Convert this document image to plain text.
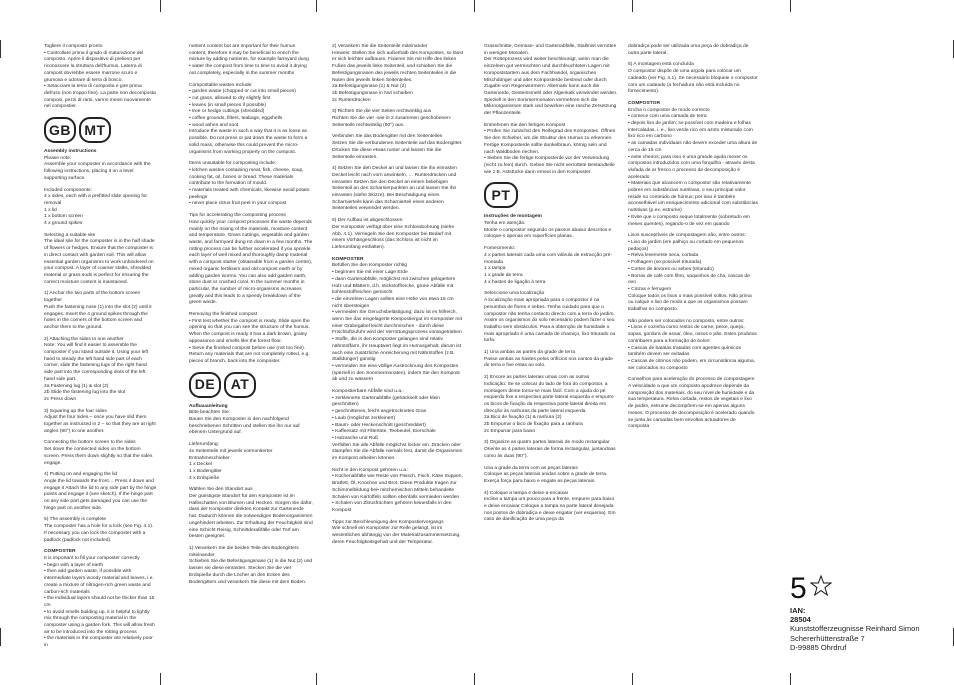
Togliere il composto pronto
• Controllare prima il grado di maturazione del composto. Aprire il dispositivo di prelievo per riconoscere la struttura dell'humus. Laterra di compost dovrebbe essere marrone scuro e grumosa e odorare di terra di bosco.
• Setacciare la terra di composta e gire prima dell'uso (non troppo fine). La parte non decomposta composi, pezzi di rami, vanno messi nuovamente nel compostier.

GB MT

Assembly instructions

Please note:
Assemble your composter in accordance with the following instructions, placing it on a level supporting surface.

Included components:
4 x sides, each with a prefitted slide opening for removal
1 x lid
1 x bottom screen
4 x ground spikes

Selecting a suitable site
The ideal site for the composter is in the half shade of flowers or hedges. Ensure that the composter is in direct contact with garden soil. This will allow essential garden organisms to work unhindered on your compost. A layer of coarser stalks, shredded material or grass sods is perfect for ensuring the correct moisture content is maintained.

1) Anchor the two parts of the bottom screen together
Push the fastening nose (1) into the slot (2) until it engages. Insert the 4 ground spikes through the holes in the corners of the bottom screen and anchor them to the ground.

2) Attaching the sides to one another
Note: You will find it easier to assemble the composter if you stand outside it. Using your left hand to steady the left hand side part of each corner, slide the fastening lugs of the right hand side part into the corresponding slots of the left hand side part.
2a Fastening lug (1) & slot (2)
2b Slide the fastening lug into the slot
2c Press down

3) Squaring up the four sides
Adjust the four sides – once you have slid them together as instructed in 2 – so that they are at right angles (90°) to one another.

Connecting the bottom screen to the sides
Set down the connected sides on the bottom screen. Press them down slightly so that the sides engage.

4) Putting on and engaging the lid
Angle the lid towards the front… Press it down and engage it Attach the lid to any side part by the hinge points and engage it (see sketch). If the hinge part on any side part gets damaged you can use the hinge part on another side.

5) The assembly is complete
The composter has a hole for a lock (see Fig. 4.1).
If necessary you can lock the composter with a padlock (padlock not included).

COMPOSTER

It is important to fill your composter correctly
• begin with a layer of earth
• then add garden waste, if possible with intermediate layers woody material and leaves, i.e. create a mixture of nitrogen-rich green waste and carbon-rich materials
• the individual layers should not be thicker than 15 cm
• to avoid smells building up, it is helpful to lightly mix through the composting material in the composter using a garden fork. This will allow fresh air to be introduced into the rotting process
• the materials in the composter are relatively poor in

nutrient content but are important for their humus content, therefore it may be beneficial to enrich the mixture by adding nutrients, for example farmyard dung
• water the compost from time to time to avoid it drying out completely, especially in the summer months

Compostable wastes include:
• garden waste (chopped or cut into small pieces)
• cut grass, allowed to dry slightly first
• leaves (in small pieces if possible)
• tree or hedge cuttings (shredded)
• coffee grounds, filters, teabags, eggshells
• wood ashes and soot
Introduce the waste in such a way that it is as loose as possible. Do not press or pat down the waste to form a solid mass, otherwise this could prevent the micro-organisms from working properly on the compost.

Items unsuitable for composting include:
• kitchen wastes containing meat, fish, cheese, soup, cooking fat, oil, bones or bread. These materials contribute to the formation of mould.
• materials treated with chemicals, likewise avoid potato peelings
• never place citrus fruit peel in your compost

Tips for accelerating the composting process
How quickly your compost processes the waste depends mainly on the mixing of the materials, moisture content and temperature. Grass cuttings, vegetable and garden waste, and farmyard dung rot down in a few months. The rotting process can be further accelerated if you sprinkle each layer of well mixed and thoroughly damp material with a compost starter (obtainable from a garden centre), mixed organic fertilisers and old compost earth or by adding garden worms. You can also add garden earth, stone dust or crushed coral. In the summer months in particular, the number of micro-organisms increases greatly and this leads to a speedy breakdown of the green waste.

Removing the finished compost
• First test whether the compost is ready. Slide open the opening so that you can see the structure of the humus. When the compost is ready it has a dark brown, grainy appearance and smells like the forest floor.
• Sieve the finished compost before use (not too fine). Return any materials that are not completely rotted, e.g. pieces of branch, back into the composter.

DE	AT

Aufbauanleitung

Bitte beachten Sie:
Bauen Sie den Komposter in den nachfolgend beschriebenen Schritten und stellen Sie ihn nur auf ebenem Untergrund auf.

Lieferumfang:
4x Seitenteile mit jeweils vormontierter Entnahmeschieber
1 x Deckel
1 x Bodengitter
4 x Erdspieße

Wählen Sie den Standort aus
Der günstigste Standort für den Komposter ist im Halbschatten von Blumen und Hecken. Sorgen Sie dafür, dass der Komposter direkten Kontakt zur Gartenerde hat. Dadurch können die notwendigen Bodenorganismen ungehindert arbeiten. Zur Erhaltung der Feuchtigkeit sind eine Schicht Reisig, Schnittderaßfälle oder Torf am besten geeignet.

1) Verankern Sie die beiden Teile des Bodengitters miteinander
Schieben Sie die Befestigungsnase (1) in die Nut (2) und lassen sie diese einrasten. Stecken Sie die vier Erdspieße durch die Löcher an den Ecken des Bodengitters und verankern Sie diese mit dem Boden.

2) Verankern Sie die Seitenteile miteinander
Hinweis: Stellen Sie sich außerhalb des Kompostes, so lässt er sich leichter aufbauen. Fixieren Sie mit Hilfe des linken Fußes das jeweils linke Seitenteil, und schieben Sie die Befestigungsnasen des jeweils rechten Seitenteiles in die Nuten des jeweils linken Seitenteiles.
2a Befestigungsnase (1) & Nut (2)
2b Befestigungsnase in Nut schieben
2c Runterdrücken

3) Richten Sie die vier Seiten rechtwinklig aus
Richten Sie die vier -wie in 2 zusammen geschobenen- Seitenteile rechtwinklig (90°) aus.

Verbinden Sie das Bodengitter mit den Seitenteilen
Setzen Sie die verbundenen Seitenteile auf das Bodengitter. Drücken Sie diese etwas runter und lassen Sie die Seitenteile einrasten.

4) Setzen Sie den Deckel an und lassen Sie ihn einrasten
Deckel leicht nach vorn anwinkeln, … Runterdrücken und einrasten Setzen Sie den Deckel an einem beliebigen Seitenteil an den Scharnierpunkten an und lassen Sie ihn einrasten (siehe Skizze). Bei Beschädigung eines Scharnierteils kann das Scharnierteil eines anderen Seitenteiles verwendet werden.

5) Der Aufbau ist abgeschlossen
Der Komposter verfügt über eine Schlossbohrung (siehe Abb. 4.1). Verriegeln Sie den Komposter bei Bedarf mit einem Vorhängeschloss (das Schloss ist nicht im Lieferumfang enthalten).

KOMPOSTER

Befüllen Sie den Komposter richtig
• beginnen Sie mit einer Lage Erde
• dann Gartenabfälle, möglichst mit zwischen gelagertem Holz und Blättern, d.h. stickstoffreiche, grüne Abfälle mit kohlenstoffreichen gemischt
• die einzelnen Lagen sollten eine Höhe von etwa 15 cm nicht übersteigen
• vermeiden Sie Geruchsbelästigung; dazu ist es hilfreich, wenn Sie das eingelagerte Kompostiergut im Komposter mit einer Grabegabel leicht durchmischen - durch diese Frischluftzufuhr wird der Verrottungsprozess vorangetrieben
• Stoffe, die in den Komposter gelangen sind relativ nährstoffarm, ihr Hauptwert liegt im Humusgehalt, darum ist auch eine zusätzliche Anreicherung mit Nährstoffen (z.B. Stalldünger) günstig
• vermeiden Sie eine völlige Austrocknung des Kompostes (speziell in den Sommermonaten), indem Sie den Kompost ab und zu wässern

Kompostierbare Abfälle sind u.a.:
• zerkleinerte Gartenabfälle (gehäckselt oder klein geschnitten)
• geschnittenes, leicht angetrocknetes Gras
• Laub (möglichst zerkleinert)
• Baum- oder Heckenschnitt (geschreddert)
• Kaffeesatz mit Filtertüte, Teebeutel, Eierschale
• Holzasche und Ruß
Verfüllen Sie alle Abfälle möglichst locker ein. Drücken oder stampfen Sie die Abfälle niemals fest, damit die Organismen im Kompost arbeiten können.

Nicht in den Kompost gehören u.a.:
• Küchenabfälle wie Reste von Fleisch, Fisch, Käse Suppen, Bratfett, Öl, Knochen und Brot. Diese Produkte tragen zur Schimmelbildung bei• mitchemischen Mitteln behandelte Schalen von Kartoffeln sollten ebenfalls vermieden werden
• Schalen von Zitrusfrüchten gehören keinesfalls in den Kompost

Tipps zur Beschleunigung des Kompostiervorgangs
Wie schnell ein Komposter zur Reife gelangt, ist im wesentlichen abhängig von der Materialzusammensetzung, deren Feuchtigkeitsgehalt und der Temperatur.

Grasschnitte, Gemüse- und Gartenabfälle, Stallmist verrotten in wenigen Monaten.
Der Rotteprozess wird weiter beschleunigt, wenn man die einzelnen gut vermischten und durchfeuchteten Lagen mit Kompoststartern aus dem Fachhandel, organischen Mischdünger und alter Komposterde bestreut oder durch Zugabe von Regenwürmern. Alternativ kann auch die Gartenerde, Gesteinsmehl oder Algenkalk verwendet werden. Speziell in den Sommermonaten vermehren sich die Mikroorganismen stark und bewirken eine rasche Zersetzung der Pflanzenteile.

Entnehmen Sie den fertigen Kompost
• Prüfen Sie zunächst den Reifegrad des Kompostes. Öffnen Sie den Schieber, um die Struktur des Humus zu erkennen. Fertige Komposterde sollte dunkelbraun, körnig sein und nach Waldboden riechen.
• Sieben Sie die fertige Komposterde vor der Verwendung (nicht zu fein) durch. Geben Sie nicht verrottete Bestandteile wie z.B. Aststücke dann erneut in den Komposter.

PT

Instruções de montagem

Tenha em atenção:
Monte o compostor seguindo os passos abaixo descritos e coloque-o apenas em superfícies planas.

Fornecimento:
4 x partes laterais cada uma com válvula de extracção pré-montada
1 x tampa
1 x grade de terra
4 x hastes de ligação à terra

Seleccione uma localização
A localização mais apropriada para o compostor é na penumbra de flores e sebes. Tenha cuidado para que o compostor não tenha contacto directo com a terra do jardim. Assim os organismos do solo necessário podem fazer o seu trabalho sem obstáculos. Para a obtenção de humidade o mais apropriado é uma camada de chamiço, lixo triturado ou turfa.

1) Una ambas as partes da grade de terra
Passe ambas as hastes pelos orifícios nos cantos da grade de terra e fixe estas ao solo.

2) Encore as partes laterais umas com as outras
Indicação: Se se colocar do lado de fora do compostor, a montagem deste torna-se mais fácil. Com a ajuda do pé esquerdo fixe a respectiva parte lateral esquerda e empurre os bicos de fixação da respectiva parte lateral direita em direcção às ranhuras da parte lateral esquerda.
2a Bico de fixação (1) & ranhura (2)
2b Empurrar o bico de fixação para a ranhura
2c Empurrar para baixo

3) Organize as quatro partes laterais de modo rectangular
Oriente as 4 partes laterais de forma rectangular, juntandoas como às duas (90°).

Una a grade da terra com as peças laterais
Coloque as peças laterais unidas sobre a grade de terra. Exerça força para baixo e engate as peças laterais.

4) Coloque a tampa e deixe-a encaixar
Incline a tampa um pouco para a frente, empurre para baixo e deixe encaixar Coloque a tampa na parte lateral desejada nos pontos de dobradiça e deixe engatar (ver esquema). Em caso de danificação de uma peça da

dobradiça pode ser utilizada uma peça de dobradiça de outra parte lateral.

5) A montagem está concluída
O compostor dispõe de uma argola para colocar um cadeado (ver Fig. 4.1). Se necessário bloqueie o compostor com um cadeado (a fechadura não está incluída no fornecimento).

COMPOSTOR

Encha o compostor de modo correcto
• comece com uma camada de terra
• depois lixo de jardim; se possível com madeira e folhas intercaladas, i. e., lixo verde rico em azoto misturado com lixo rico em carbono
• as camadas individuais não devem exceder uma altura de cerca de 15 cm
• evite cheiros; para isso é uma grande ajuda mexer os compostos introduzidos com uma forquilha - através desta vlufada de ar fresco o processo de decomposição é acelerado
• Materiais que alcancem o compostor são relativamente pobres em substâncias nutritivas, o seu principal valor reside no conteúdo de húmus; por isso é também aconselhável um enriquecimento adicional com substâncias nutritivas (p.ex. estrume)
• Evite que o composto seque totalmente (sobretudo em meses quentes), regando-o de vez em quando

Lixos susceptíveis de compostagem são, entre outros:
• Lixo de jardim (em palhiço ou cortado em pequenos pedaços)
• Relva levemente seca, cortada
• Folhagem (se possível triturada)
• Cortes de árvores ou sebes (triturado)
• Borras de café com filtro, saquinhos de chá, cascas de ovo
• Cinzas e ferrugem
Coloque todos os lixos o mais possível soltos. Não prima
ou calque o lixo de modo a que os organismos possam trabalhar no composto.

Não podem ser colocados no composto, entre outros:
• Lixos e cozinha como restos de carne, peixe, queijo, sopas, gordura de assar, óleo, ossos e pão. Estes produtos contribuem para a formação de bolor!
• Cascas de batatas tratadas com agentes químicos também devem ser evitadas
• Cascas de citrinos não podem, em circunstância alguma, ser colocados no composto

Conselhos para aceleração do processo de compostagem
A velocidade a que um composto apodrece depende da composição dos materiais, do seu nível de humidade e da sua temperatura. Relva cortada, restos de vegetais e lixo de jardim, estrume decompõem-se em apenas alguns
meses. O processo de decomposição é acelerado quando se junta às camadas bem envoltas actuadores de composta

5
IAN: 28504
Kunststofferzeugnisse Reinhard Simon
Schererhüttenstraße 7
D-99885 Ohrdruf
